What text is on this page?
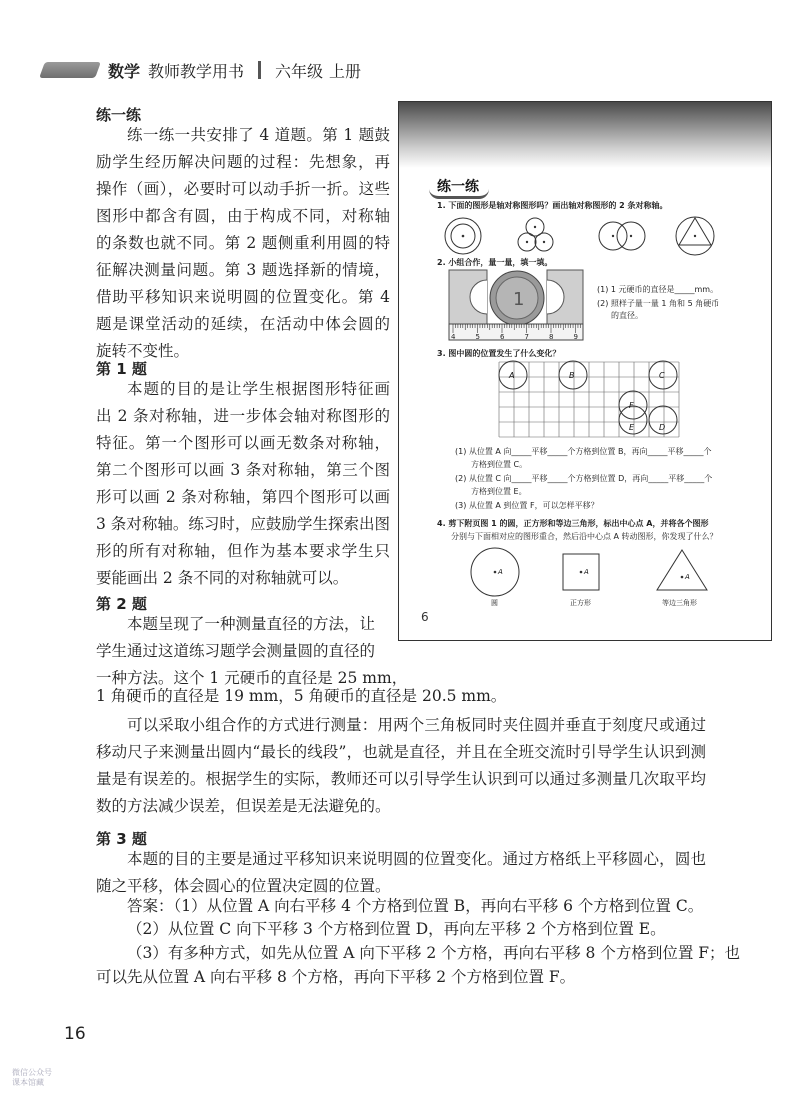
数学 教师教学用书 六年级 上册
练一练

练一练一共安排了 4 道题。第 1 题鼓励学生经历解决问题的过程：先想象，再操作（画），必要时可以动手折一折。这些图形中都含有圆，由于构成不同，对称轴的条数也就不同。第 2 题侧重利用圆的特征解决测量问题。第 3 题选择新的情境，借助平移知识来说明圆的位置变化。第 4 题是课堂活动的延续，在活动中体会圆的旋转不变性。

第 1 题

本题的目的是让学生根据图形特征画出 2 条对称轴，进一步体会轴对称图形的特征。第一个图形可以画无数条对称轴，第二个图形可以画 3 条对称轴，第三个图形可以画 2 条对称轴，第四个图形可以画 3 条对称轴。练习时，应鼓励学生探索出图形的所有对称轴，但作为基本要求学生只要能画出 2 条不同的对称轴就可以。

第 2 题
本题呈现了一种测量直径的方法，让
学生通过这道练习题学会测量圆的直径的
一种方法。这个 1 元硬币的直径是 25 mm，
1 角硬币的直径是 19 mm，5 角硬币的直径是 20.5 mm。

可以采取小组合作的方式进行测量：用两个三角板同时夹住圆并垂直于刻度尺或通过移动尺子来测量出圆内“最长的线段”，也就是直径，并且在全班交流时引导学生认识到测量是有误差的。根据学生的实际，教师还可以引导学生认识到可以通过多测量几次取平均数的方法减少误差，但误差是无法避免的。

第 3 题

本题的目的主要是通过平移知识来说明圆的位置变化。通过方格纸上平移圆心，圆也随之平移，体会圆心的位置决定圆的位置。

答案：（1）从位置 A 向右平移 4 个方格到位置 B，再向右平移 6 个方格到位置 C。
（2）从位置 C 向下平移 3 个方格到位置 D，再向左平移 2 个方格到位置 E。
（3）有多种方式，如先从位置 A 向下平移 2 个方格，再向右平移 8 个方格到位置 F；也
可以先从位置 A 向右平移 8 个方格，再向下平移 2 个方格到位置 F。
16
微信公众号
课本馆藏
练一练
1. 下面的图形是轴对称图形吗？画出轴对称图形的 2 条对称轴。
2. 小组合作，量一量，填一填。
1
4	5	6	7	8	9
(1) 1 元硬币的直径是_____mm。
(2) 照样子量一量 1 角和 5 角硬币
的直径。
3. 图中圆的位置发生了什么变化？
A	B	C
F
E	D
(1) 从位置 A 向_____平移_____个方格到位置 B，再向_____平移_____个
方格到位置 C。
(2) 从位置 C 向_____平移_____个方格到位置 D，再向_____平移_____个
方格到位置 E。
(3) 从位置 A 到位置 F，可以怎样平移？
4. 剪下附页图 1 的圆，正方形和等边三角形，标出中心点 A，并将各个图形
分别与下面相对应的图形重合，然后沿中心点 A 转动图形，你发现了什么？
A	A
A
圆	正方形	等边三角形
6
